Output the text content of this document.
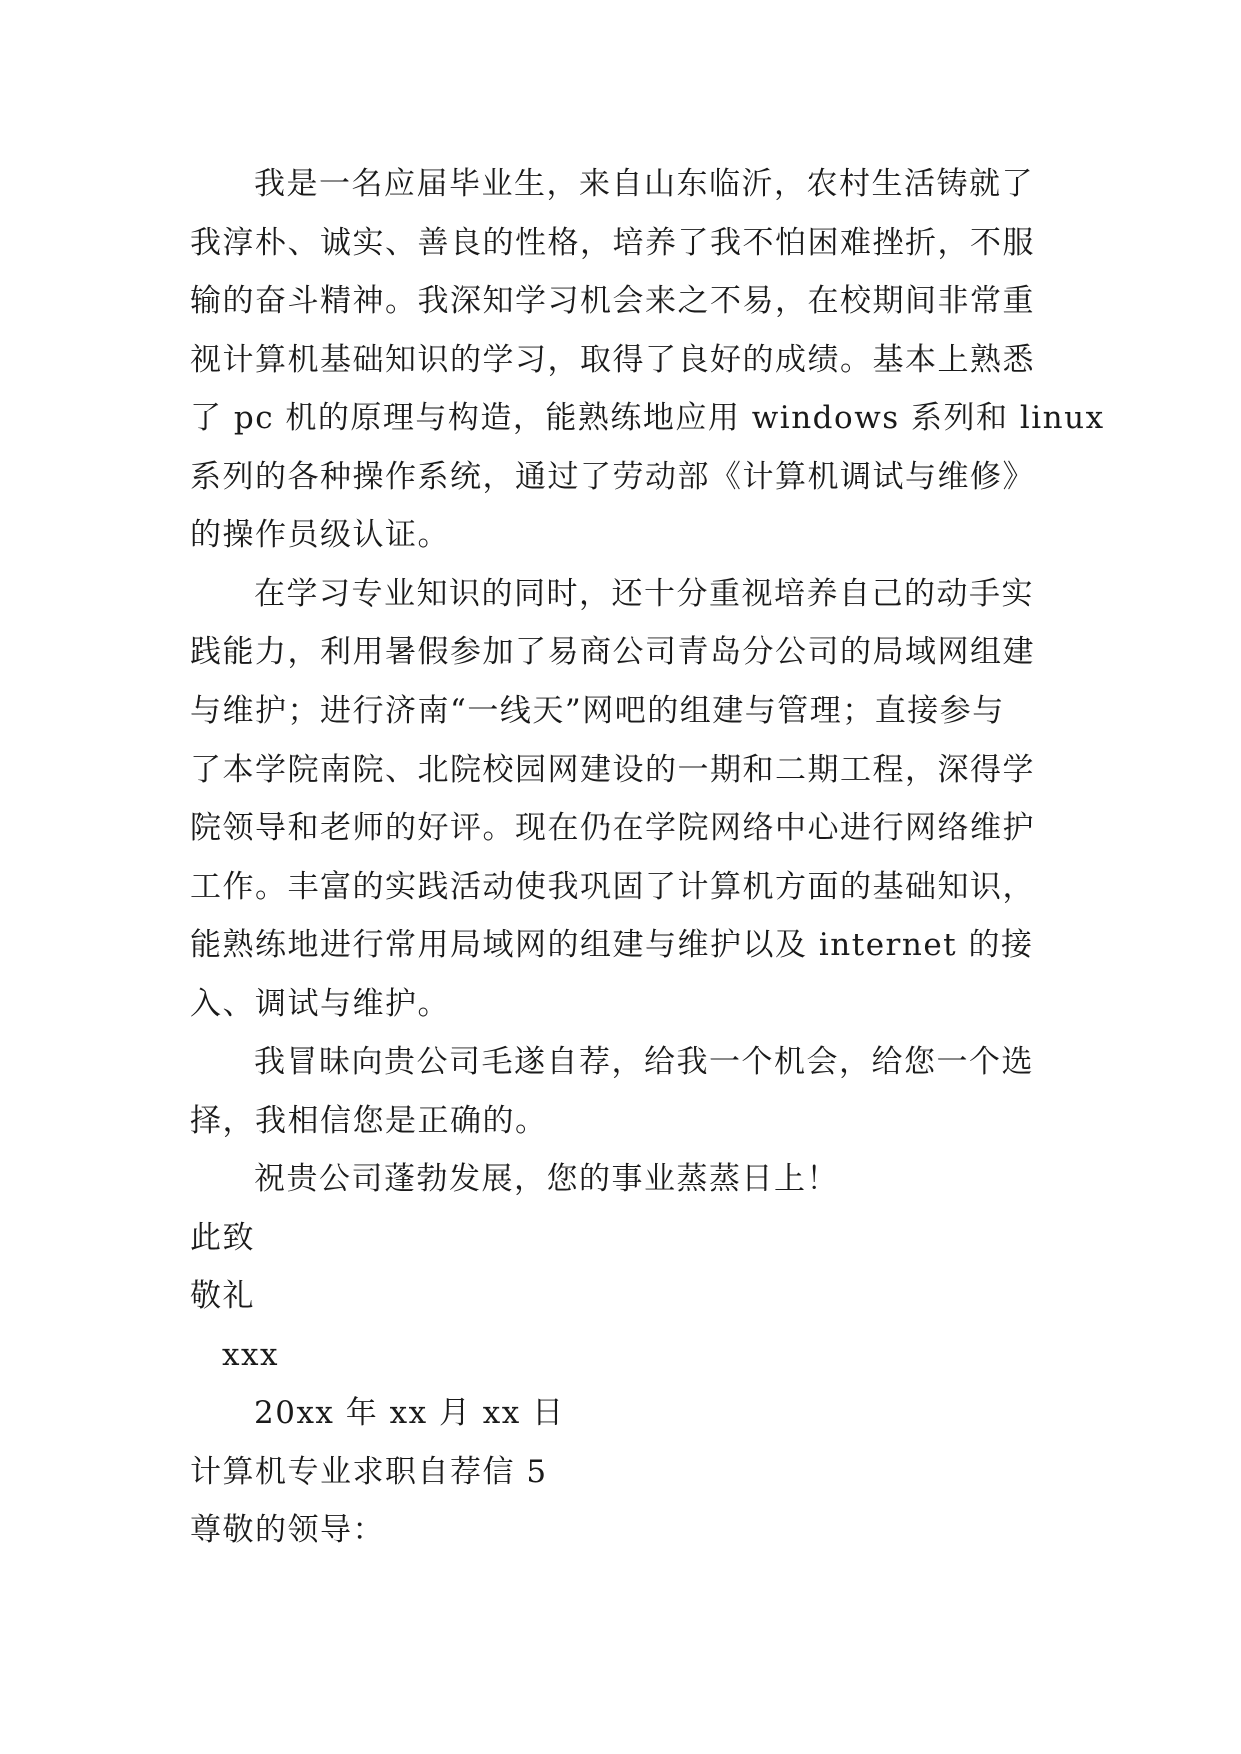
我是一名应届毕业生，来自山东临沂，农村生活铸就了
我淳朴、诚实、善良的性格，培养了我不怕困难挫折，不服
输的奋斗精神。我深知学习机会来之不易，在校期间非常重
视计算机基础知识的学习，取得了良好的成绩。基本上熟悉
了 pc 机的原理与构造，能熟练地应用 windows 系列和 linux
系列的各种操作系统，通过了劳动部《计算机调试与维修》
的操作员级认证。
在学习专业知识的同时，还十分重视培养自己的动手实
践能力，利用暑假参加了易商公司青岛分公司的局域网组建
与维护；进行济南“一线天”网吧的组建与管理；直接参与
了本学院南院、北院校园网建设的一期和二期工程，深得学
院领导和老师的好评。现在仍在学院网络中心进行网络维护
工作。丰富的实践活动使我巩固了计算机方面的基础知识，
能熟练地进行常用局域网的组建与维护以及 internet 的接
入、调试与维护。
我冒昧向贵公司毛遂自荐，给我一个机会，给您一个选
择，我相信您是正确的。
祝贵公司蓬勃发展，您的事业蒸蒸日上！
此致
敬礼
xxx
20xx 年 xx 月 xx 日
计算机专业求职自荐信 5
尊敬的领导：
